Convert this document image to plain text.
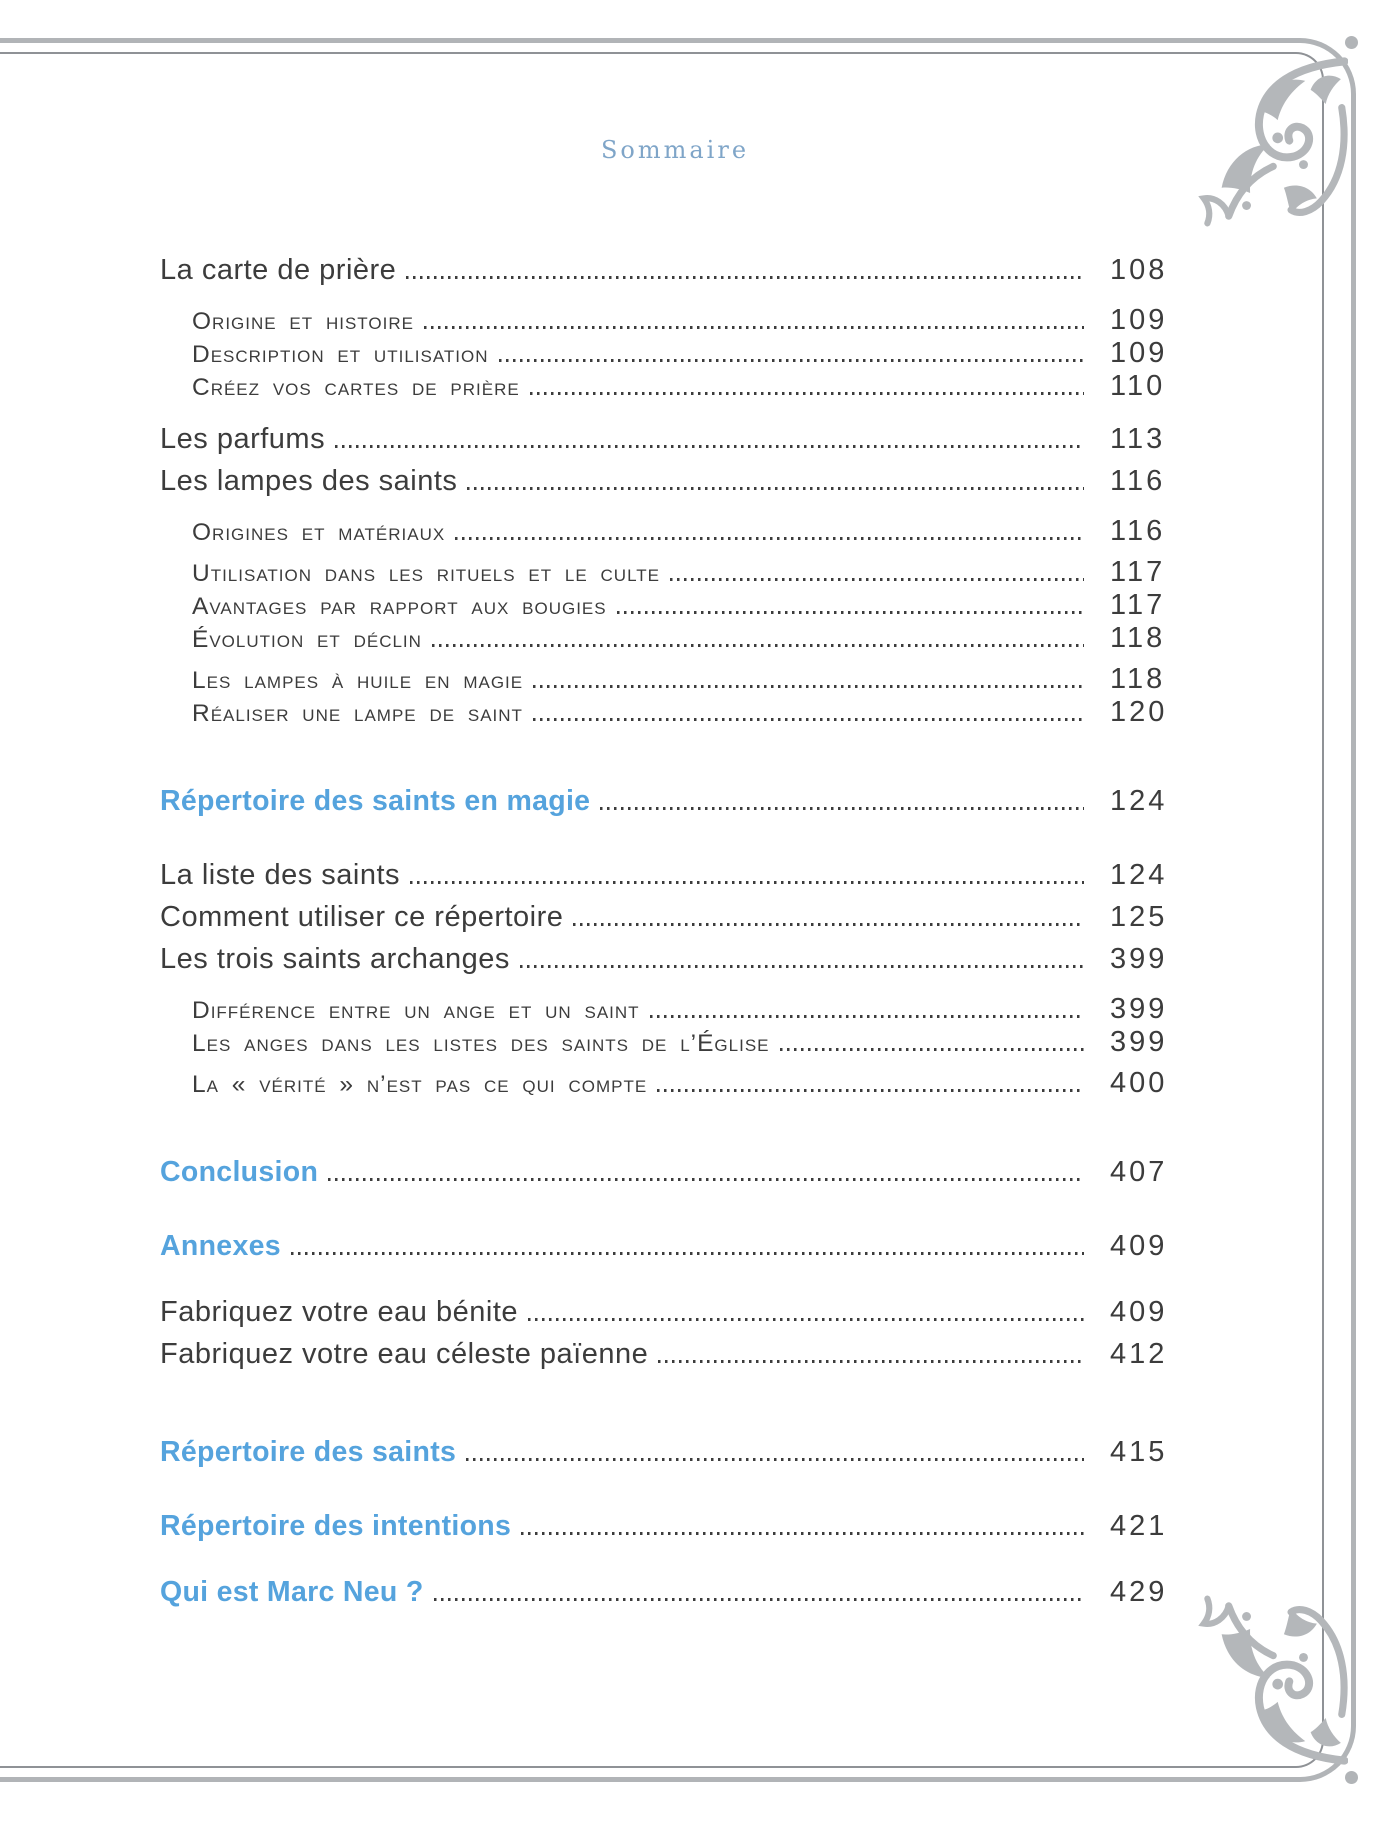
Sommaire
La carte de prière	108
Origine et histoire	109
Description et utilisation	109
Créez vos cartes de prière	110
Les parfums	113
Les lampes des saints	116
Origines et matériaux	116
Utilisation dans les rituels et le culte	117
Avantages par rapport aux bougies	117
Évolution et déclin	118
Les lampes à huile en magie	118
Réaliser une lampe de saint	120
Répertoire des saints en magie	124
La liste des saints	124
Comment utiliser ce répertoire	125
Les trois saints archanges	399
Différence entre un ange et un saint	399
Les anges dans les listes des saints de l’Église	399
La « vérité » n’est pas ce qui compte	400
Conclusion	407
Annexes	409
Fabriquez votre eau bénite	409
Fabriquez votre eau céleste païenne	412
Répertoire des saints	415
Répertoire des intentions	421
Qui est Marc Neu ?	429
